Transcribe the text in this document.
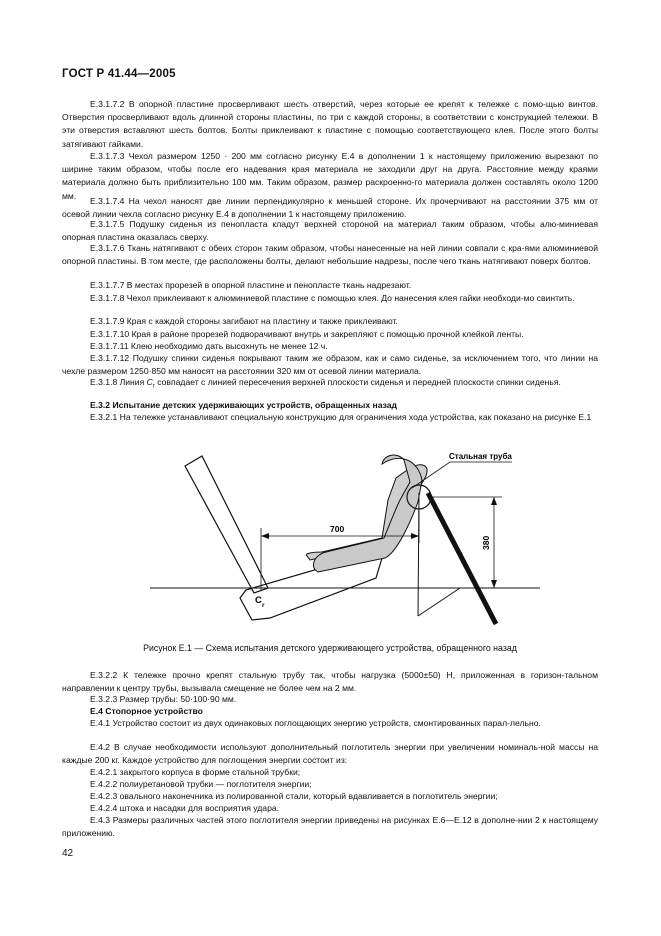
ГОСТ Р 41.44—2005

Е.3.1.7.2 В опорной пластине просверливают шесть отверстий, через которые ее крепят к тележке с помо-щью винтов. Отверстия просверливают вдоль длинной стороны пластины, по три с каждой стороны, в соответствии с конструкцией тележки. В эти отверстия вставляют шесть болтов. Болты приклеивают к пластине с помощью соответствующего клея. После этого болты затягивают гайками.

Е.3.1.7.3 Чехол размером 1250 · 200 мм согласно рисунку Е.4 в дополнении 1 к настоящему приложению вырезают по ширине таким образом, чтобы после его надевания края материала не заходили друг на друга. Расстояние между краями материала должно быть приблизительно 100 мм. Таким образом, размер раскроенно-го материала должен составлять около 1200 мм.

Е.3.1.7.4 На чехол наносят две линии перпендикулярно к меньшей стороне. Их прочерчивают на расстоянии 375 мм от осевой линии чехла согласно рисунку Е.4 в дополнении 1 к настоящему приложению.

Е.3.1.7.5 Подушку сиденья из пенопласта кладут верхней стороной на материал таким образом, чтобы алю-миниевая опорная пластина оказалась сверху.

Е.3.1.7.6 Ткань натягивают с обеих сторон таким образом, чтобы нанесенные на ней линии совпали с кра-ями алюминиевой опорной пластины. В том месте, где расположены болты, делают небольшие надрезы, после чего ткань натягивают поверх болтов.

Е.3.1.7.7 В местах прорезей в опорной пластине и пенопласте ткань надрезают.

Е.3.1.7.8 Чехол приклеивают к алюминиевой пластине с помощью клея. До нанесения клея гайки необходи-мо свинтить.

Е.3.1.7.9 Края с каждой стороны загибают на пластину и также приклеивают.

Е.3.1.7.10 Края в районе прорезей подворачивают внутрь и закрепляют с помощью прочной клейкой ленты.

Е.3.1.7.11 Клею необходимо дать высохнуть не менее 12 ч.

Е.3.1.7.12 Подушку спинки сиденья покрывают таким же образом, как и само сиденье, за исключением того, что линии на чехле размером 1250·850 мм наносят на расстоянии 320 мм от осевой линии материала.

Е.3.1.8 Линия $C_r$ совпадает с линией пересечения верхней плоскости сиденья и передней плоскости спинки сиденья.

Е.3.2 Испытание детских удерживающих устройств, обращенных назад

Е.3.2.1 На тележке устанавливают специальную конструкцию для ограничения хода устройства, как показано на рисунке Е.1

Стальная труба
700
380
C r
Рисунок Е.1 — Схема испытания детского удерживающего устройства, обращенного назад

Е.3.2.2 К тележке прочно крепят стальную трубу так, чтобы нагрузка (5000±50) Н, приложенная в горизон-тальном направлении к центру трубы, вызывала смещение не более чем на 2 мм.

Е.3.2.3 Размер трубы: 50·100·90 мм.

Е.4 Стопорное устройство

Е.4.1 Устройство состоит из двух одинаковых поглощающих энергию устройств, смонтированных парал-лельно.

Е.4.2 В случае необходимости используют дополнительный поглотитель энергии при увеличении номиналь-ной массы на каждые 200 кг. Каждое устройство для поглощения энергии состоит из:

Е.4.2.1 закрытого корпуса в форме стальной трубки;

Е.4.2.2 полиуретановой трубки — поглотителя энергии;

Е.4.2.3 овального наконечника из полированной стали, который вдавливается в поглотитель энергии;

Е.4.2.4 штока и насадки для восприятия удара.

Е.4.3 Размеры различных частей этого поглотителя энергии приведены на рисунках Е.6—Е.12 в дополне-нии 2 к настоящему приложению.

42
